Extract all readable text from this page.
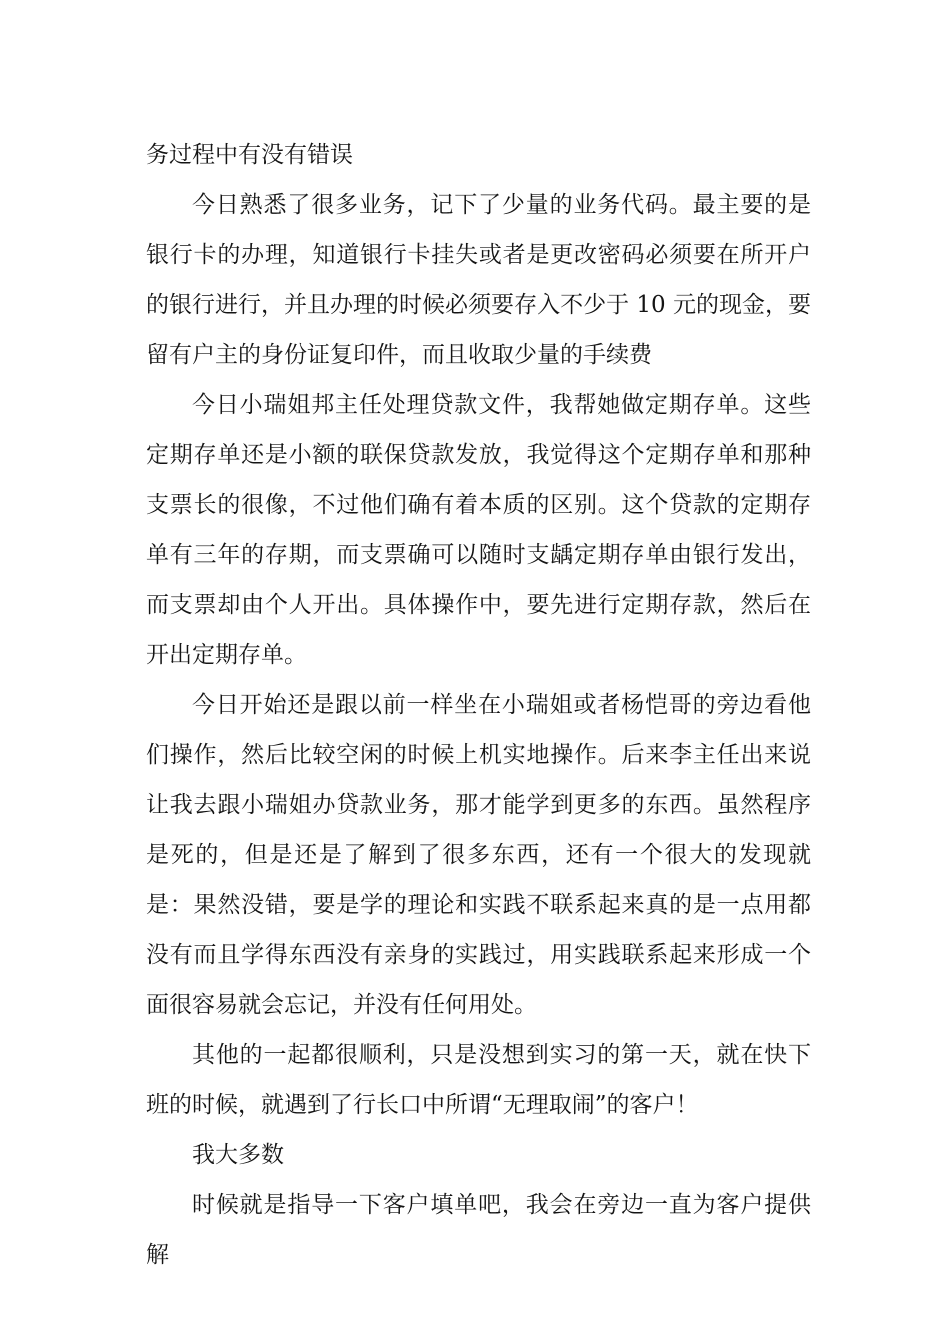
务过程中有没有错误

今日熟悉了很多业务，记下了少量的业务代码。最主要的是银行卡的办理，知道银行卡挂失或者是更改密码必须要在所开户的银行进行，并且办理的时候必须要存入不少于 10 元的现金，要留有户主的身份证复印件，而且收取少量的手续费

今日小瑞姐邦主任处理贷款文件，我帮她做定期存单。这些定期存单还是小额的联保贷款发放，我觉得这个定期存单和那种支票长的很像，不过他们确有着本质的区别。这个贷款的定期存单有三年的存期，而支票确可以随时支龋定期存单由银行发出，而支票却由个人开出。具体操作中，要先进行定期存款，然后在开出定期存单。

今日开始还是跟以前一样坐在小瑞姐或者杨恺哥的旁边看他们操作，然后比较空闲的时候上机实地操作。后来李主任出来说让我去跟小瑞姐办贷款业务，那才能学到更多的东西。虽然程序是死的，但是还是了解到了很多东西，还有一个很大的发现就是：果然没错，要是学的理论和实践不联系起来真的是一点用都没有而且学得东西没有亲身的实践过，用实践联系起来形成一个面很容易就会忘记，并没有任何用处。

其他的一起都很顺利，只是没想到实习的第一天，就在快下班的时候，就遇到了行长口中所谓“无理取闹”的客户！

我大多数

时候就是指导一下客户填单吧，我会在旁边一直为客户提供解
